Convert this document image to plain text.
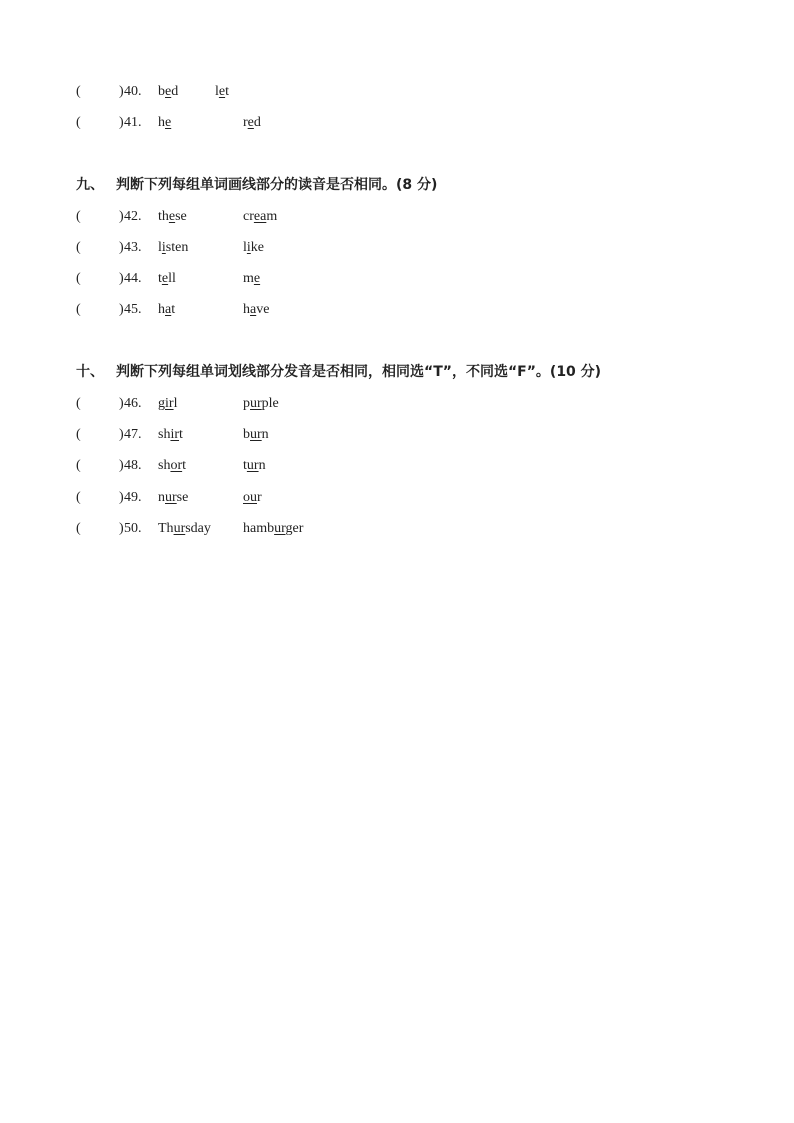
(	) 40. bed	let
(	) 41. he	red
九、 判断下列每组单词画线部分的读音是否相同。(8 分)
(	) 42. these	cream
(	) 43. listen	like
(	) 44. tell	me
(	) 45. hat	have
十、 判断下列每组单词划线部分发音是否相同，相同选“T”，不同选“F”。(10 分)
(	) 46. girl	purple
(	) 47. shirt	burn
(	) 48. short	turn
(	) 49. nurse	our
(	) 50. Thursday hamburger
